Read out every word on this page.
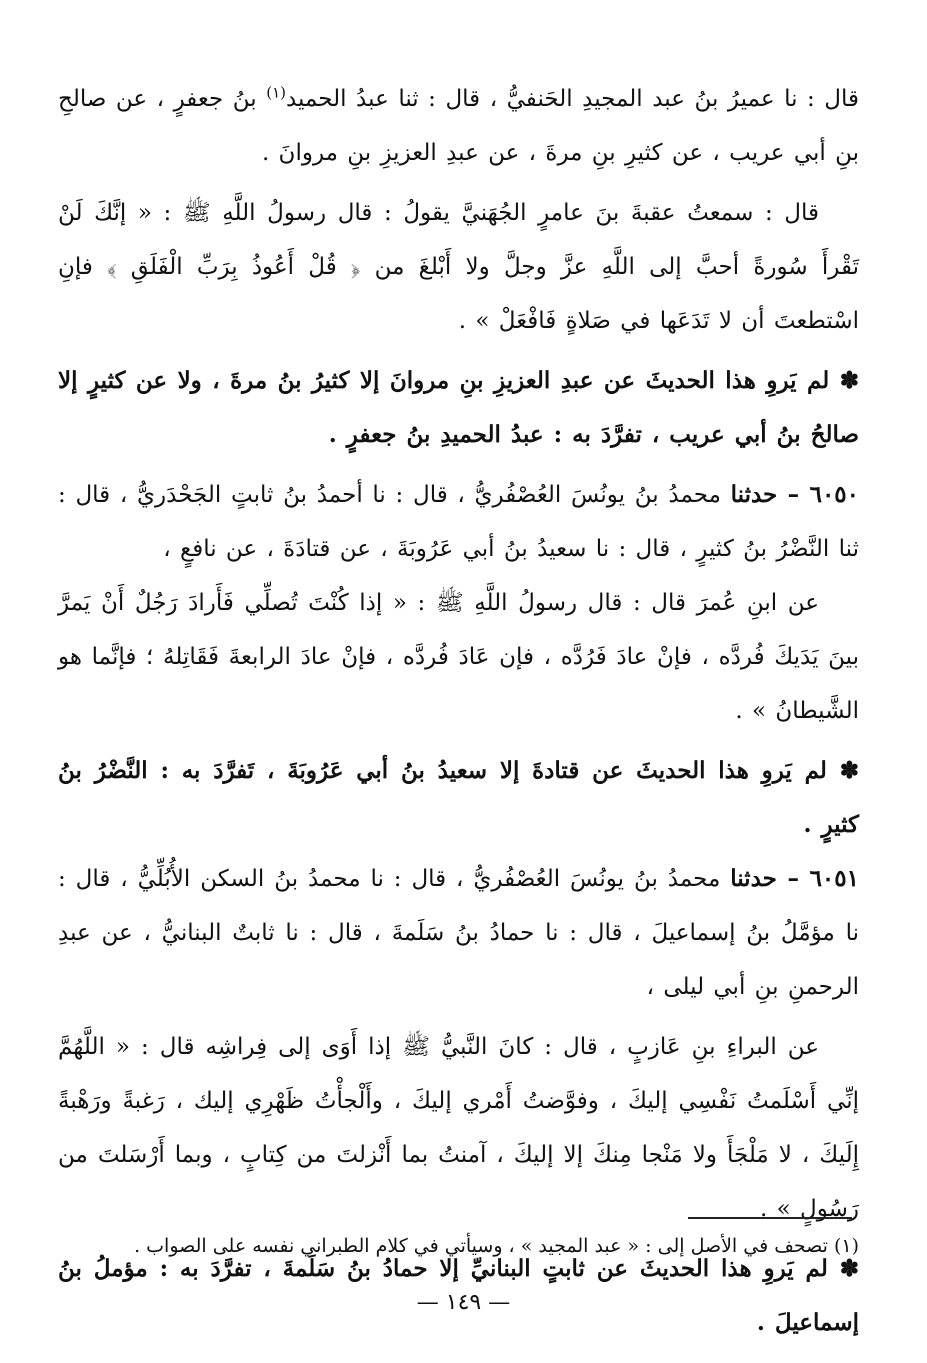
قال : نا عميرُ بنُ عبد المجيدِ الحَنفيُّ ، قال : ثنا عبدُ الحميد$^{(١)}$ بنُ جعفرٍ ، عن صالحِ بنِ أبي عريب ، عن كثيرِ بنِ مرةَ ، عن عبدِ العزيزِ بنِ مروانَ .

قال : سمعتُ عقبةَ بنَ عامرٍ الجُهَنيَّ يقولُ : قال رسولُ اللَّهِ ﷺ : « إنَّكَ لَنْ تَقْرأَ سُورةً أحبَّ إلى اللَّهِ عزَّ وجلَّ ولا أَبْلغَ من ﴿ قُلْ أَعُوذُ بِرَبِّ الْفَلَقِ ﴾ فإنِ اسْتطعتَ أن لا تَدَعَها في صَلاةٍ فَافْعَلْ » .

✽ لم يَروِ هذا الحديثَ عن عبدِ العزيزِ بنِ مروانَ إلا كثيرُ بنُ مرةَ ، ولا عن كثيرٍ إلا صالحُ بنُ أبي عريب ، تفرَّدَ به : عبدُ الحميدِ بنُ جعفرٍ .

٦٠٥٠ – حدثنا محمدُ بنُ يونُسَ العُصْفُريُّ ، قال : نا أحمدُ بنُ ثابتٍ الجَحْدَريُّ ، قال : ثنا النَّضْرُ بنُ كثيرٍ ، قال : نا سعيدُ بنُ أبي عَرُوبَةَ ، عن قتادَةَ ، عن نافعٍ ،

عن ابنِ عُمرَ قال : قال رسولُ اللَّهِ ﷺ : « إذا كُنْتَ تُصلِّي فَأَرادَ رَجُلٌ أَنْ يَمرَّ بينَ يَدَيكَ فُردَّه ، فإنْ عادَ فَرُدَّه ، فإن عَادَ فُردَّه ، فإنْ عادَ الرابعةَ فَقَاتِلهُ ؛ فإنَّما هو الشَّيطانُ » .

✽ لم يَروِ هذا الحديثَ عن قتادةَ إلا سعيدُ بنُ أبي عَرُوبَةَ ، تَفرَّدَ به : النَّضْرُ بنُ كثيرٍ .

٦٠٥١ – حدثنا محمدُ بنُ يونُسَ العُصْفُريُّ ، قال : نا محمدُ بنُ السكن الأُبُلِّيُّ ، قال : نا مؤمَّلُ بنُ إسماعيلَ ، قال : نا حمادُ بنُ سَلَمةَ ، قال : نا ثابتٌ البنانيُّ ، عن عبدِ الرحمنِ بنِ أبي ليلى ،

عن البراءِ بنِ عَازبٍ ، قال : كانَ النَّبيُّ ﷺ إذا أَوَى إلى فِراشِه قال : « اللَّهُمَّ إنِّي أَسْلَمتُ نَفْسِي إليكَ ، وفوَّضتُ أَمْري إليكَ ، وأَلْجأْتُ ظَهْرِي إليك ، رَغبةً ورَهْبةً إِلَيكَ ، لا مَلْجَأَ ولا مَنْجا مِنكَ إلا إليكَ ، آمنتُ بما أَنْزلتَ من كِتابٍ ، وبما أَرْسَلتَ من رَسُولٍ » .

✽ لم يَروِ هذا الحديثَ عن ثابتٍ البنانيِّ إلا حمادُ بنُ سَلَمةَ ، تفرَّدَ به : مؤملُ بنُ إسماعيلَ .

(١) تصحف في الأصل إلى : « عبد المجيد » ، وسيأتي في كلام الطبراني نفسه على الصواب .

— ١٤٩ —
